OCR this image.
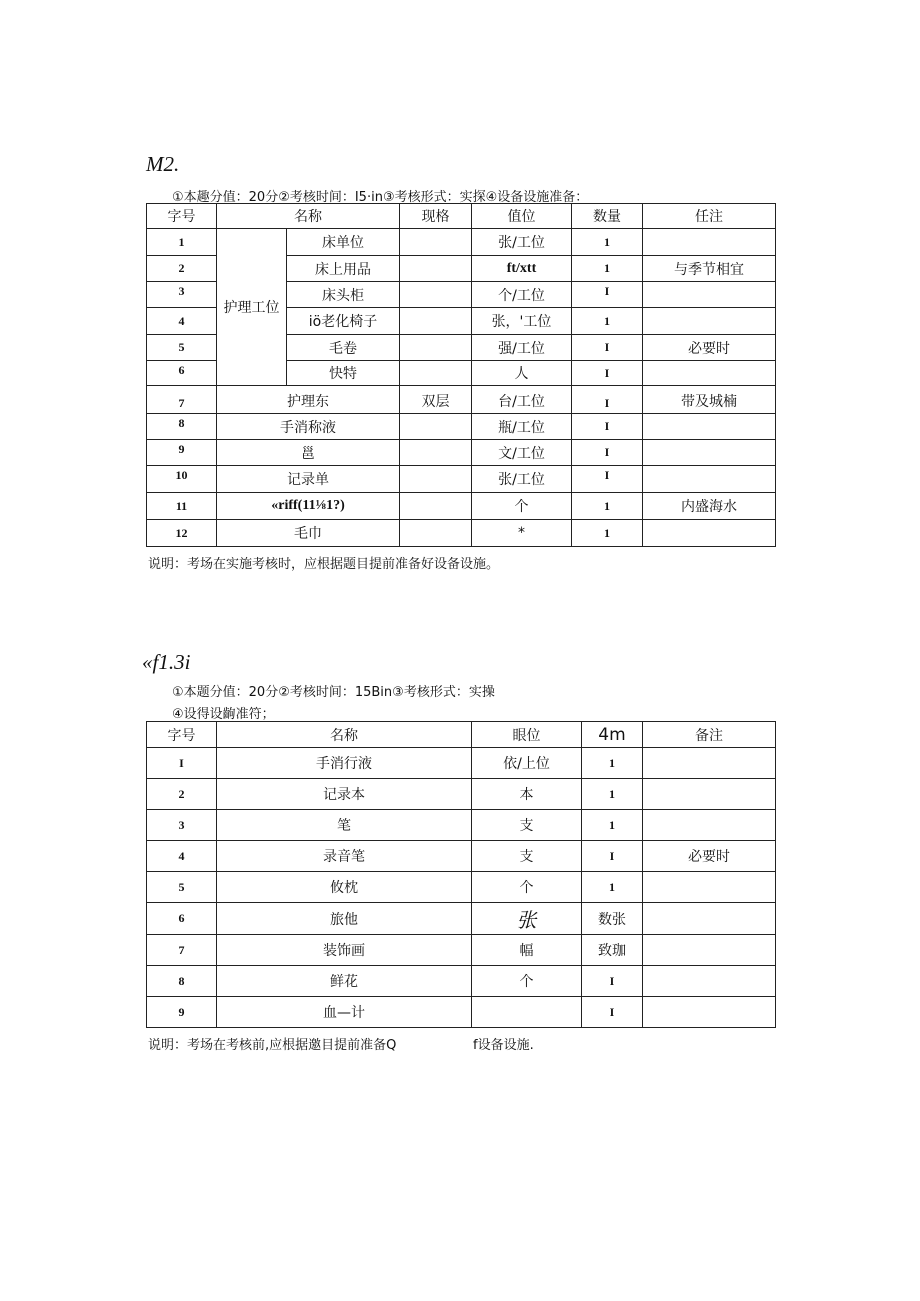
M2.
①本趣分值：20分②考核时间：I5·in③考核形式：实探④设备设施准备：
字号	名称		现格	值位	数量	任注
1	护理工位	床单位		张/工位	1	
2		床上用品		ft/xtt	1	与季节相宜
3		床头柜		个/工位	I	
4		iö老化椅子		张，'工位	1	
5		毛卷		强/工位	I	必要时
6		快特		人	I	
7	护理东		双层	台/工位	I	带及城楠
8	手消称液			瓶/工位	I	
9	邕			文/工位	I	
10	记录单			张/工位	I	
11	«riff(11⅛1?)			个	1	内盛海水
12	毛巾			*	1	
说明：考场在实施考核时，应根据题目提前准备好设备设施。
«f1.3i
①本题分值：20分②考核时间：15Bin③考核形式：实操
④设得设齣准符；
字号	名称	眼位	4m	备注
I	手消行液	依/上位	1	
2	记录本	本	1	
3	笔	支	1	
4	录音笔	支	I	必要时
5	攸枕	个	1	
6	旅他	张	数张	
7	装饰画	幅	致珈	
8	鲜花	个	I	
9	血—计		I	
说明：考场在考核前,应根据邀目提前准备Q	f设备设施.
